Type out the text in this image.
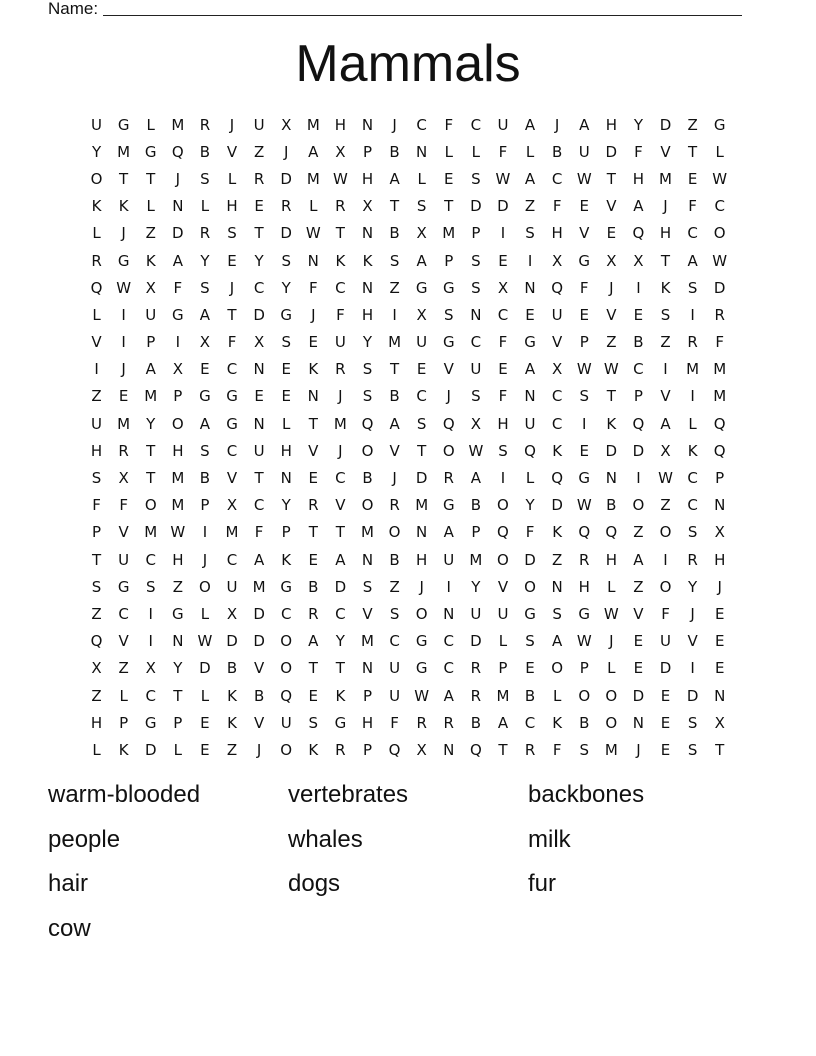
Name:
Mammals
U	G	L	M	R	J	U	X	M H	N	J	C	F	C	U	A	J	A	H	Y	D	Z	G
Y	M G	Q	B	V	Z	J	A	X	P	B	N	L	L	F	L	B	U	D	F	V	T	L
O	T	T	J	S	L	R	D M W H	A	L	E	S W A	C W	T	H M	E W
K	K	L	N	L	H	E	R	L	R	X	T	S	T	D	D	Z	F	E	V	A	J	F	C
L	J	Z	D	R	S	T	D W	T	N	B	X	M	P	I	S	H	V	E	Q	H	C	O
R	G	K	A	Y	E	Y	S	N	K	K	S	A	P	S	E	I	X	G	X	X	T	A W
Q W X	F	S	J	C	Y	F	C	N	Z	G	G	S	X	N	Q	F	J	I	K	S	D
L	I	U	G	A	T	D	G	J	F	H	I	X	S	N	C	E	U	E	V	E	S	I	R
V	I	P	I	X	F	X	S	E	U	Y	M	U	G	C	F	G	V	P	Z	B	Z	R	F
I	J	A	X	E	C	N	E	K	R	S	T	E	V	U	E	A	X W W C	I	M M
Z	E	M	P	G	G	E	E	N	J	S	B	C	J	S	F	N	C	S	T	P	V	I	M
U	M	Y	O	A	G	N	L	T	M Q	A	S	Q	X	H	U	C	I	K	Q	A	L	Q
H	R	T	H	S	C	U	H	V	J	O	V	T	O W S	Q	K	E	D	D	X	K	Q
S	X	T	M	B	V	T	N	E	C	B	J	D	R	A	I	L	Q	G	N	I	W C	P
F	F	O M	P	X	C	Y	R	V	O	R	M G	B	O	Y	D W B	O	Z	C	N
P	V	M W	I	M	F	P	T	T	M O	N	A	P	Q	F	K	Q	Q	Z	O	S	X
T	U	C	H	J	C	A	K	E	A	N	B	H	U	M O	D	Z	R	H	A	I	R	H
S	G	S	Z	O	U	M G	B	D	S	Z	J	I	Y	V	O	N	H	L	Z	O	Y	J
Z	C	I	G	L	X	D	C	R	C	V	S	O	N	U	U	G	S	G W V	F	J	E
Q	V	I	N W D	D	O	A	Y	M	C	G	C	D	L	S	A W	J	E	U	V	E
X	Z	X	Y	D	B	V	O	T	T	N	U	G	C	R	P	E	O	P	L	E	D	I	E
Z	L	C	T	L	K	B	Q	E	K	P	U W A	R	M	B	L	O	O	D	E	D	N
H	P	G	P	E	K	V	U	S	G	H	F	R	R	B	A	C	K	B	O	N	E	S	X
L	K	D	L	E	Z	J	O	K	R	P	Q	X	N	Q	T	R	F	S	M	J	E	S	T
warm-blooded	vertebrates	backbones
people	whales	milk
hair	dogs	fur
cow
